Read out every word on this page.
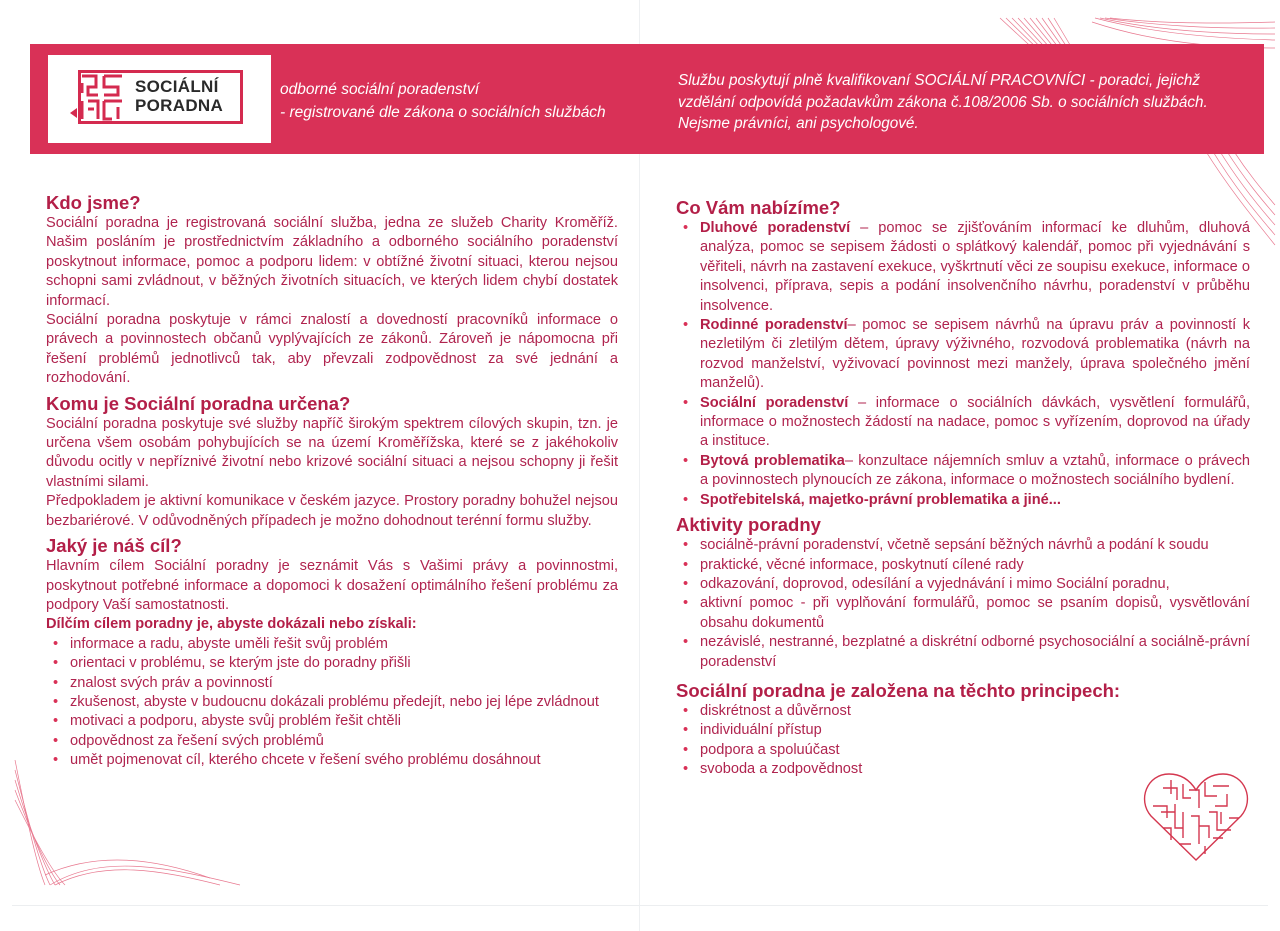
SOCIÁLNÍ
PORADNA
odborné sociální poradenství
- registrované dle zákona o sociálních službách
Službu poskytují plně kvalifikovaní SOCIÁLNÍ PRACOVNÍCI - poradci, jejichž
vzdělání odpovídá požadavkům zákona č.108/2006 Sb. o sociálních službách.
Nejsme právníci, ani psychologové.
Kdo jsme?

Sociální poradna je registrovaná sociální služba, jedna ze služeb Charity Kroměříž. Našim posláním je prostřednictvím základního a odborného sociálního poradenství poskytnout informace, pomoc a podporu lidem: v obtížné životní situaci, kterou nejsou schopni sami zvládnout, v běžných životních situacích, ve kterých lidem chybí dostatek informací.

Sociální poradna poskytuje v rámci znalostí a dovedností pracovníků informace o právech a povinnostech občanů vyplývajících ze zákonů. Zároveň je nápomocna při řešení problémů jednotlivců tak, aby převzali zodpovědnost za své jednání a rozhodování.

Komu je Sociální poradna určena?

Sociální poradna poskytuje své služby napříč širokým spektrem cílových skupin, tzn. je určena všem osobám pohybujících se na území Kroměřížska, které se z jakéhokoliv důvodu ocitly v nepříznivé životní nebo krizové sociální situaci a nejsou schopny ji řešit vlastními silami.

Předpokladem je aktivní komunikace v českém jazyce. Prostory poradny bohužel nejsou bezbariérové. V odůvodněných případech je možno dohodnout terénní formu služby.

Jaký je náš cíl?

Hlavním cílem Sociální poradny je seznámit Vás s Vašimi právy a povinnostmi, poskytnout potřebné informace a dopomoci k dosažení optimálního řešení problému za podpory Vaší samostatnosti.

Dílčím cílem poradny je, abyste dokázali nebo získali:
• informace a radu, abyste uměli řešit svůj problém
• orientaci v problému, se kterým jste do poradny přišli
• znalost svých práv a povinností
• zkušenost, abyste v budoucnu dokázali problému předejít, nebo jej lépe zvládnout
• motivaci a podporu, abyste svůj problém řešit chtěli
• odpovědnost za řešení svých problémů
• umět pojmenovat cíl, kterého chcete v řešení svého problému dosáhnout
Co Vám nabízíme?
• Dluhové poradenství – pomoc se zjišťováním informací ke dluhům, dluhová analýza, pomoc se sepisem žádosti o splátkový kalendář, pomoc při vyjednávání s věřiteli, návrh na zastavení exekuce, vyškrtnutí věci ze soupisu exekuce, informace o insolvenci, příprava, sepis a podání insolvenčního návrhu, poradenství v průběhu insolvence.
• Rodinné poradenství– pomoc se sepisem návrhů na úpravu práv a povinností k nezletilým či zletilým dětem, úpravy výživného, rozvodová problematika (návrh na rozvod manželství, vyživovací povinnost mezi manžely, úprava společného jmění manželů).
• Sociální poradenství – informace o sociálních dávkách, vysvětlení formulářů, informace o možnostech žádostí na nadace, pomoc s vyřízením, doprovod na úřady a instituce.
• Bytová problematika– konzultace nájemních smluv a vztahů, informace o právech a povinnostech plynoucích ze zákona, informace o možnostech sociálního bydlení.
• Spotřebitelská, majetko-právní problematika a jiné...
Aktivity poradny
• sociálně-právní poradenství, včetně sepsání běžných návrhů a podání k soudu
• praktické, věcné informace, poskytnutí cílené rady
• odkazování, doprovod, odesílání a vyjednávání i mimo Sociální poradnu,
• aktivní pomoc - při vyplňování formulářů, pomoc se psaním dopisů, vysvětlování obsahu dokumentů
• nezávislé, nestranné, bezplatné a diskrétní odborné psychosociální a sociálně-právní poradenství
Sociální poradna je založena na těchto principech:
• diskrétnost a důvěrnost
• individuální přístup
• podpora a spoluúčast
• svoboda a zodpovědnost
